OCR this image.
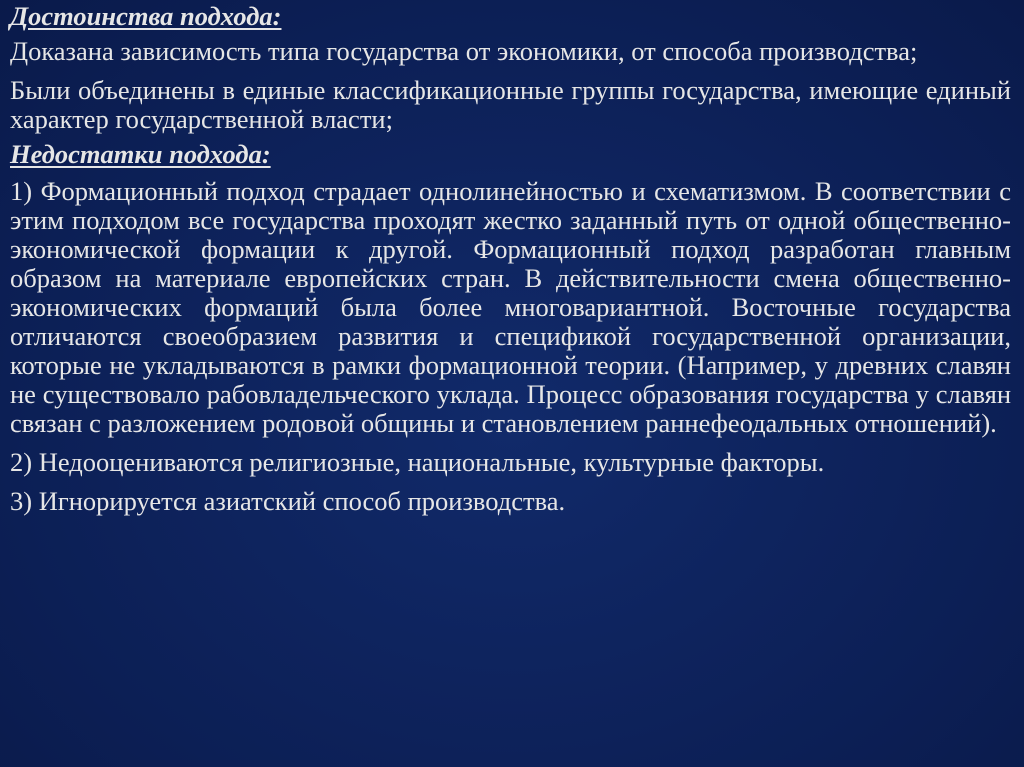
Достоинства подхода:

Доказана зависимость типа государства от экономики, от способа производства;

Были объединены в единые классификационные группы государства, имеющие единый характер государственной власти;

Недостатки подхода:

1) Формационный подход страдает однолинейностью и схематизмом. В соответствии с этим подходом все государства проходят жестко заданный путь от одной общественно-экономической формации к другой. Формационный подход разработан главным образом на материале европейских стран. В действительности смена общественно-экономических формаций была более многовариантной. Восточные государства отличаются своеобразием развития и спецификой государственной организации, которые не укладываются в рамки формационной теории. (Например, у древних славян не существовало рабовладельческого уклада. Процесс образования государства у славян связан с разложением родовой общины и становлением раннефеодальных отношений).

2) Недооцениваются религиозные, национальные, культурные факторы.

3) Игнорируется азиатский способ производства.
